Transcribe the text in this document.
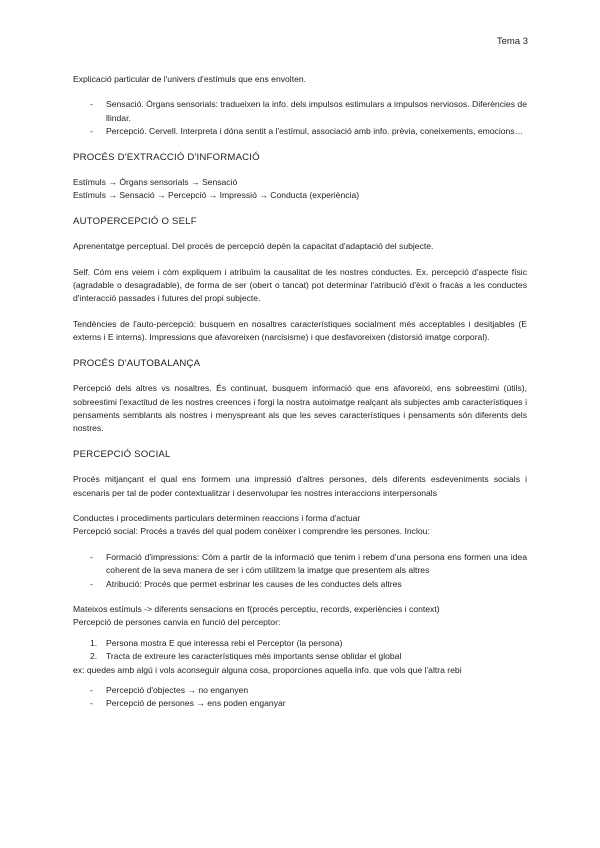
Tema 3

Explicació particular de l'univers d'estímuls que ens envolten.

- Sensació. Òrgans sensorials: tradueixen la info. dels impulsos estimulars a impulsos nerviosos. Diferències de llindar.
- Percepció. Cervell. Interpreta i dóna sentit a l'estímul, associació amb info. prèvia, coneixements, emocions…
PROCÉS D'EXTRACCIÓ D'INFORMACIÓ

Estímuls → Òrgans sensorials → Sensació

Estímuls → Sensació → Percepció → Impressió → Conducta (experiència)

AUTOPERCEPCIÓ O SELF

Aprenentatge perceptual. Del procés de percepció depèn la capacitat d'adaptació del subjecte.

Self. Cóm ens veiem i cóm expliquem i atribuïm la causalitat de les nostres conductes. Ex. percepció d'aspecte físic (agradable o desagradable), de forma de ser (obert o tancat) pot determinar l'atribució d'èxit o fracàs a les conductes d'interacció passades i futures del propi subjecte.

Tendències de l'auto-percepció: busquem en nosaltres característiques socialment més acceptables i desitjables (E externs i E interns). Impressions que afavoreixen (narcisisme) i que desfavoreixen (distorsió imatge corporal).

PROCÉS D'AUTOBALANÇA

Percepció dels altres vs nosaltres. És continuat, busquem informació que ens afavoreixi, ens sobreestimi (útils), sobreestimi l'exactitud de les nostres creences i forgi la nostra autoimatge realçant als subjectes amb característiques i pensaments semblants als nostres i menyspreant als que les seves característiques i pensaments són diferents dels nostres.

PERCEPCIÓ SOCIAL

Procés mitjançant el qual ens formem una impressió d'altres persones, dels diferents esdeveniments socials i escenaris per tal de poder contextualitzar i desenvolupar les nostres interaccions interpersonals

Conductes i procediments particulars determinen reaccions i forma d'actuar

Percepció social: Procés a través del qual podem conèixer i comprendre les persones. Inclou:

- Formació d'impressions: Cóm a partir de la informació que tenim i rebem d'una persona ens formen una idea coherent de la seva manera de ser i cóm utilitzem la imatge que presentem als altres
- Atribució: Procés que permet esbrinar les causes de les conductes dels altres

Mateixos estímuls -> diferents sensacions en f(procés perceptiu, records, experiències i context)

Percepció de persones canvia en funció del perceptor:

1. Persona mostra E que interessa rebi el Perceptor (la persona)
2. Tracta de extreure les característiques més importants sense oblidar el global

ex: quedes amb algú i vols aconseguir alguna cosa, proporciones aquella info. que vols que l'altra rebi

- Percepció d'objectes → no enganyen
- Percepció de persones → ens poden enganyar
